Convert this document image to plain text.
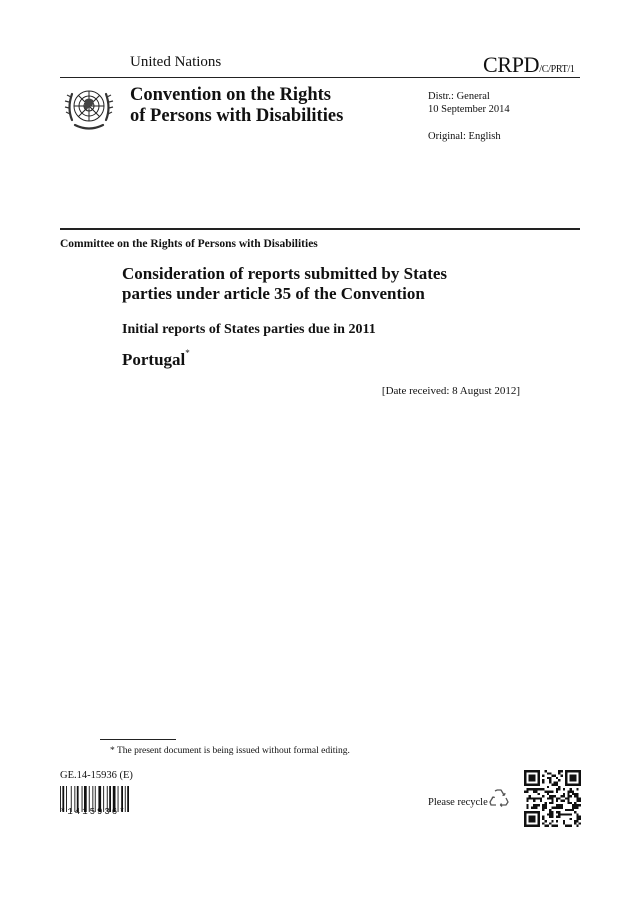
United Nations	CRPD/C/PRT/1
Convention on the Rights
of Persons with Disabilities
Distr.: General
10 September 2014
Original: English
Committee on the Rights of Persons with Disabilities
Consideration of reports submitted by States
parties under article 35 of the Convention
Initial reports of States parties due in 2011
Portugal*
[Date received: 8 August 2012]
* The present document is being issued without formal editing.
GE.14-15936 (E)
*1415936*
Please recycle
